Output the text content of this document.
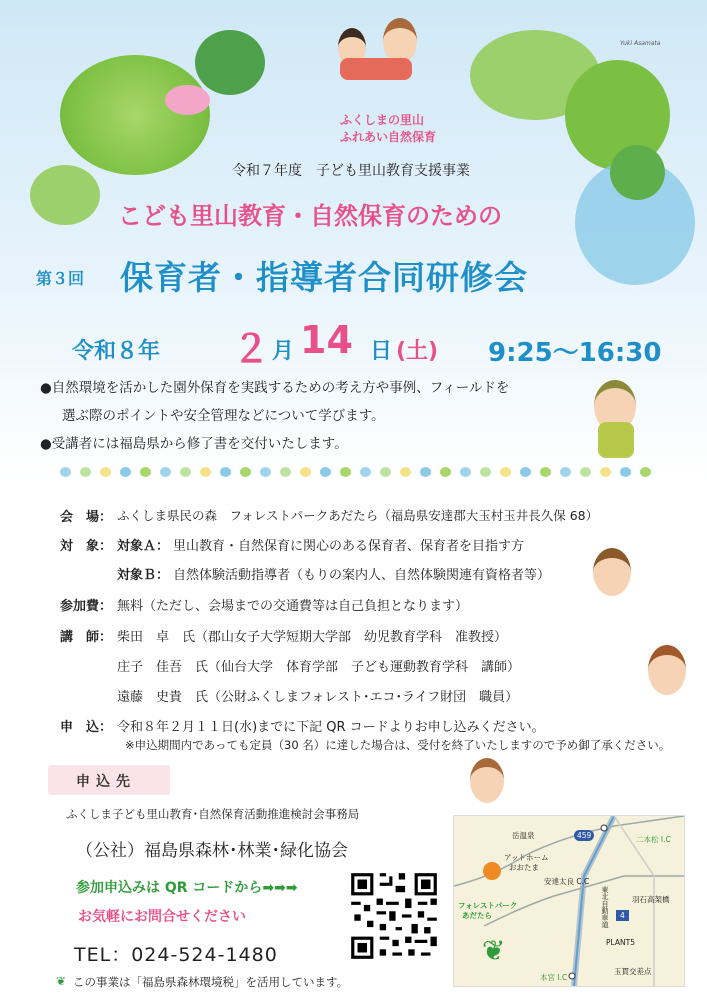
ふくしまの里山
ふれあい自然保育
Yuki Asamata
令和７年度　子ども里山教育支援事業
こども里山教育・自然保育のための
第３回 保育者・指導者合同研修会
令和８年 ２ 月 14 日 (土) 9:25～16:30
●自然環境を活かした園外保育を実践するための考え方や事例、フィールドを
選ぶ際のポイントや安全管理などについて学びます。
●受講者には福島県から修了書を交付いたします。
会　場： ふくしま県民の森　フォレストパークあだたら（福島県安達郡大玉村玉井長久保 68）
対　象： 対象Ａ： 里山教育・自然保育に関心のある保育者、保育者を目指す方
対象Ｂ： 自然体験活動指導者（もりの案内人、自然体験関連有資格者等）
参加費： 無料（ただし、会場までの交通費等は自己負担となります）
講　師： 柴田　卓　氏（郡山女子大学短期大学部　幼児教育学科　准教授）
庄子　佳吾　氏（仙台大学　体育学部　子ども運動教育学科　講師）
遠藤　史貴　氏（公財ふくしまフォレスト･エコ･ライフ財団　職員）
申　込： 令和８年２月１１日(水)までに下記 QR コードよりお申し込みください。
※申込期間内であっても定員（30 名）に達した場合は、受付を終了いたしますので予め御了承ください。
申込先
ふくしま子ども里山教育･自然保育活動推進検討会事務局
（公社）福島県森林･林業･緑化協会
参加申込みは QR コードから➡➡➡
お気軽にお問合せください
TEL：024-524-1480
❦ この事業は「福島県森林環境税」を活用しています。
岳温泉
アットホーム
おおたま
安達太良 C.C
フォレストパーク
あだたら
459
4
二本松 I.C
羽石高架橋
PLANT5
本宮 I.C
玉貫交差点
東北自動車道
❦
